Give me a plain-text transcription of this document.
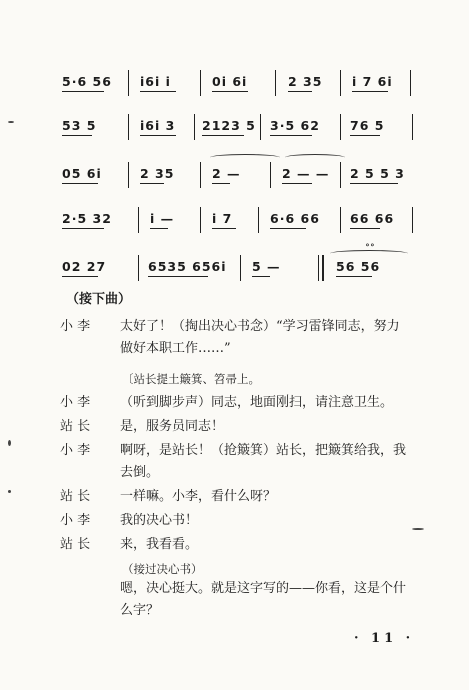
5·6 56 i6i i	0i 6i	2 35 i 7 6i
53 5	i6i 3 2123 5 3·5 62 76 5
05 6i	2 35	2 —	2 — — 2 5 5 3
2·5 32	i —	i 7	6·6 66 66 66
02 27	6535 656i 5 —	56 56
（接下曲）
小 李 太好了！（掏出决心书念）“学习雷锋同志，努力
做好本职工作……”
〔站长提土簸箕、笤帚上。
小 李 （听到脚步声）同志，地面刚扫，请注意卫生。
站 长 是，服务员同志！
小 李 啊呀，是站长！（抢簸箕）站长，把簸箕给我，我
去倒。
站 长 一样嘛。小李，看什么呀？
小 李 我的决心书！
站 长 来，我看看。
（接过决心书）
嗯，决心挺大。就是这字写的——你看，这是个什
么字？
· 11 ·
∘∘
